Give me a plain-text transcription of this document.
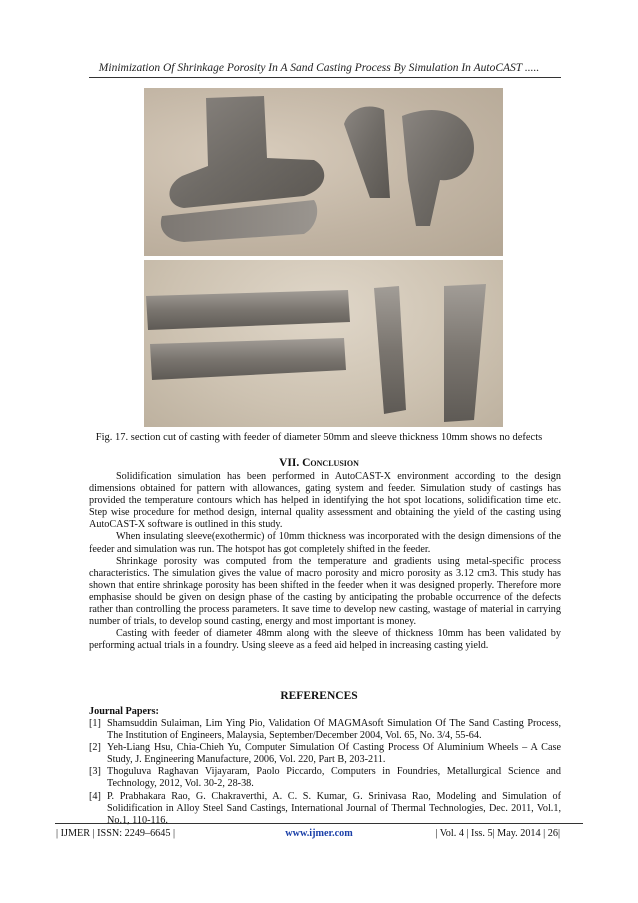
Minimization Of Shrinkage Porosity In A Sand Casting Process By Simulation In AutoCAST .....
Fig. 17. section cut of casting with feeder of diameter 50mm and sleeve thickness 10mm shows no defects
VII. Conclusion

Solidification simulation has been performed in AutoCAST-X environment according to the design dimensions obtained for pattern with allowances, gating system and feeder. Simulation study of castings has provided the temperature contours which has helped in identifying the hot spot locations, solidification time etc. Step wise procedure for method design, internal quality assessment and obtaining the yield of the casting using AutoCAST-X software is outlined in this study.

When insulating sleeve(exothermic) of 10mm thickness was incorporated with the design dimensions of the feeder and simulation was run. The hotspot has got completely shifted in the feeder.

Shrinkage porosity was computed from the temperature and gradients using metal-specific process characteristics. The simulation gives the value of macro porosity and micro porosity as 3.12 cm3. This study has shown that entire shrinkage porosity has been shifted in the feeder when it was designed properly. Therefore more emphasise should be given on design phase of the casting by anticipating the probable occurrence of the defects rather than controlling the process parameters. It save time to develop new casting, wastage of material in carrying number of trials, to develop sound casting, energy and most important is money.

Casting with feeder of diameter 48mm along with the sleeve of thickness 10mm has been validated by performing actual trials in a foundry. Using sleeve as a feed aid helped in increasing casting yield.

REFERENCES
Journal Papers:
[1] Shamsuddin Sulaiman, Lim Ying Pio, Validation Of MAGMAsoft Simulation Of The Sand Casting Process, The Institution of Engineers, Malaysia, September/December 2004, Vol. 65, No. 3/4, 55-64.
[2] Yeh-Liang Hsu, Chia-Chieh Yu, Computer Simulation Of Casting Process Of Aluminium Wheels – A Case Study, J. Engineering Manufacture, 2006, Vol. 220, Part B, 203-211.
[3] Thoguluva Raghavan Vijayaram, Paolo Piccardo, Computers in Foundries, Metallurgical Science and Technology, 2012, Vol. 30-2, 28-38.
[4] P. Prabhakara Rao, G. Chakraverthi, A. C. S. Kumar, G. Srinivasa Rao, Modeling and Simulation of Solidification in Alloy Steel Sand Castings, International Journal of Thermal Technologies, Dec. 2011, Vol.1, No.1, 110-116.
| IJMER | ISSN: 2249–6645 |	www.ijmer.com	| Vol. 4 | Iss. 5| May. 2014 | 26|
